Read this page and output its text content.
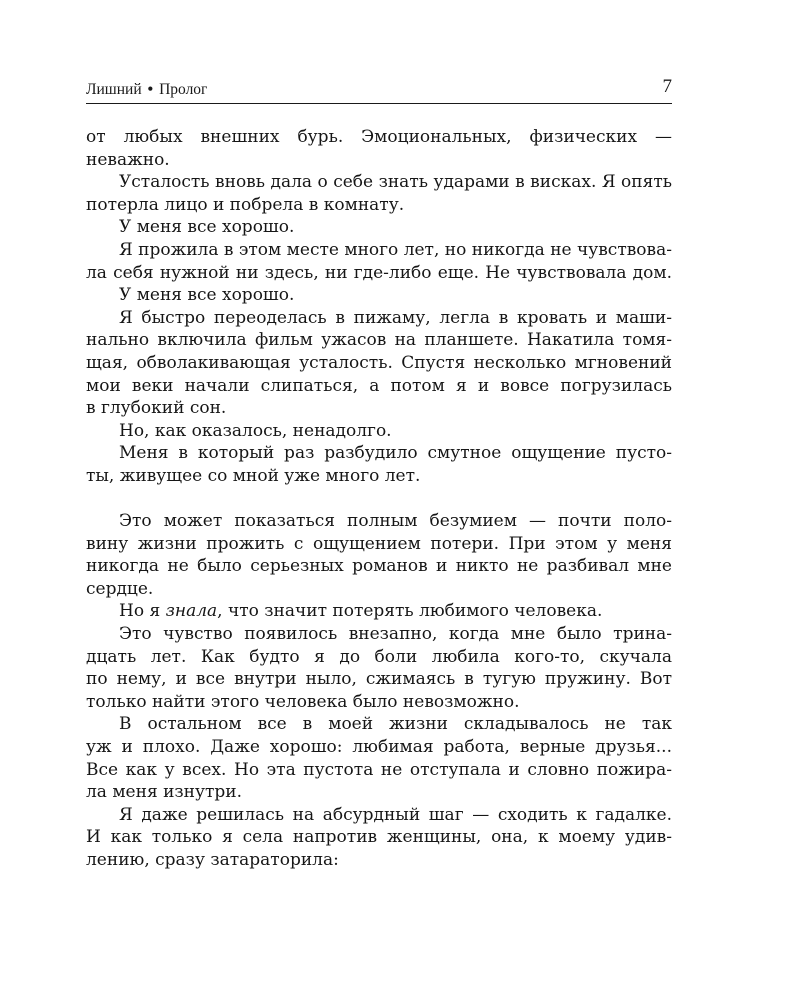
Лишний • Пролог	7
от любых внешних бурь. Эмоциональных, физических —
неважно.
Усталость вновь дала о себе знать ударами в висках. Я опять
потерла лицо и побрела в комнату.
У меня все хорошо.
Я прожила в этом месте много лет, но никогда не чувствова-
ла себя нужной ни здесь, ни где-либо еще. Не чувствовала дом.
У меня все хорошо.
Я быстро переоделась в пижаму, легла в кровать и маши-
нально включила фильм ужасов на планшете. Накатила томя-
щая, обволакивающая усталость. Спустя несколько мгновений
мои веки начали слипаться, а потом я и вовсе погрузилась
в глубокий сон.
Но, как оказалось, ненадолго.
Меня в который раз разбудило смутное ощущение пусто-
ты, живущее со мной уже много лет.
Это может показаться полным безумием — почти поло-
вину жизни прожить с ощущением потери. При этом у меня
никогда не было серьезных романов и никто не разбивал мне
сердце.
Но я знала, что значит потерять любимого человека.
Это чувство появилось внезапно, когда мне было трина-
дцать лет. Как будто я до боли любила кого-то, скучала
по нему, и все внутри ныло, сжимаясь в тугую пружину. Вот
только найти этого человека было невозможно.
В остальном все в моей жизни складывалось не так
уж и плохо. Даже хорошо: любимая работа, верные друзья...
Все как у всех. Но эта пустота не отступала и словно пожира-
ла меня изнутри.
Я даже решилась на абсурдный шаг — сходить к гадалке.
И как только я села напротив женщины, она, к моему удив-
лению, сразу затараторила:
